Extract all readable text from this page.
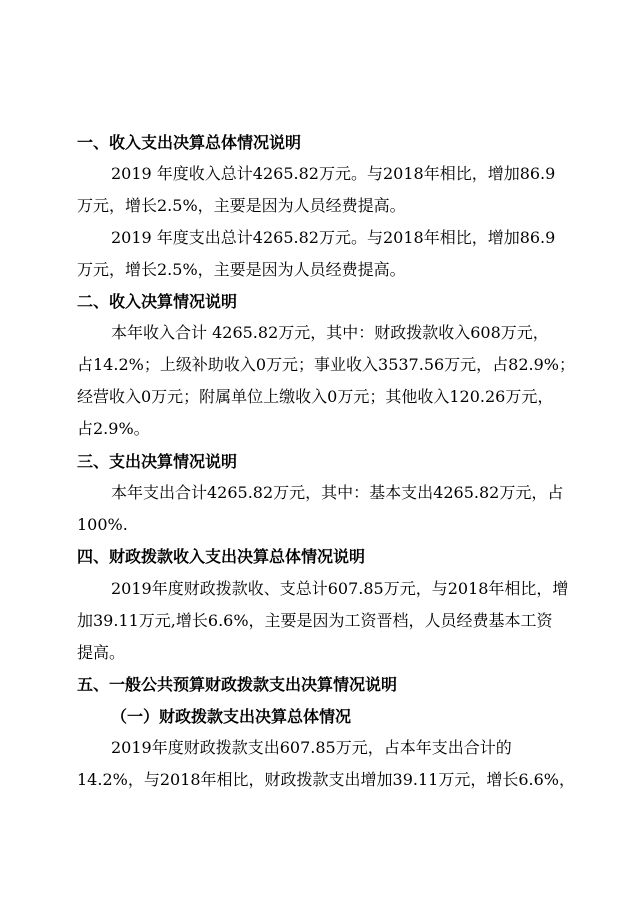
一、收入支出决算总体情况说明
2019 年度收入总计4265.82万元。与2018年相比，增加86.9
万元，增长2.5%，主要是因为人员经费提高。
2019 年度支出总计4265.82万元。与2018年相比，增加86.9
万元，增长2.5%，主要是因为人员经费提高。
二、收入决算情况说明
本年收入合计 4265.82万元，其中：财政拨款收入608万元，
占14.2%；上级补助收入0万元；事业收入3537.56万元，占82.9%；
经营收入0万元；附属单位上缴收入0万元；其他收入120.26万元，
占2.9%。
三、支出决算情况说明
本年支出合计4265.82万元，其中：基本支出4265.82万元，占
100%.
四、财政拨款收入支出决算总体情况说明
2019年度财政拨款收、支总计607.85万元，与2018年相比，增
加39.11万元,增长6.6%，主要是因为工资晋档，人员经费基本工资
提高。
五、一般公共预算财政拨款支出决算情况说明
（一）财政拨款支出决算总体情况
2019年度财政拨款支出607.85万元，占本年支出合计的
14.2%，与2018年相比，财政拨款支出增加39.11万元，增长6.6%，
